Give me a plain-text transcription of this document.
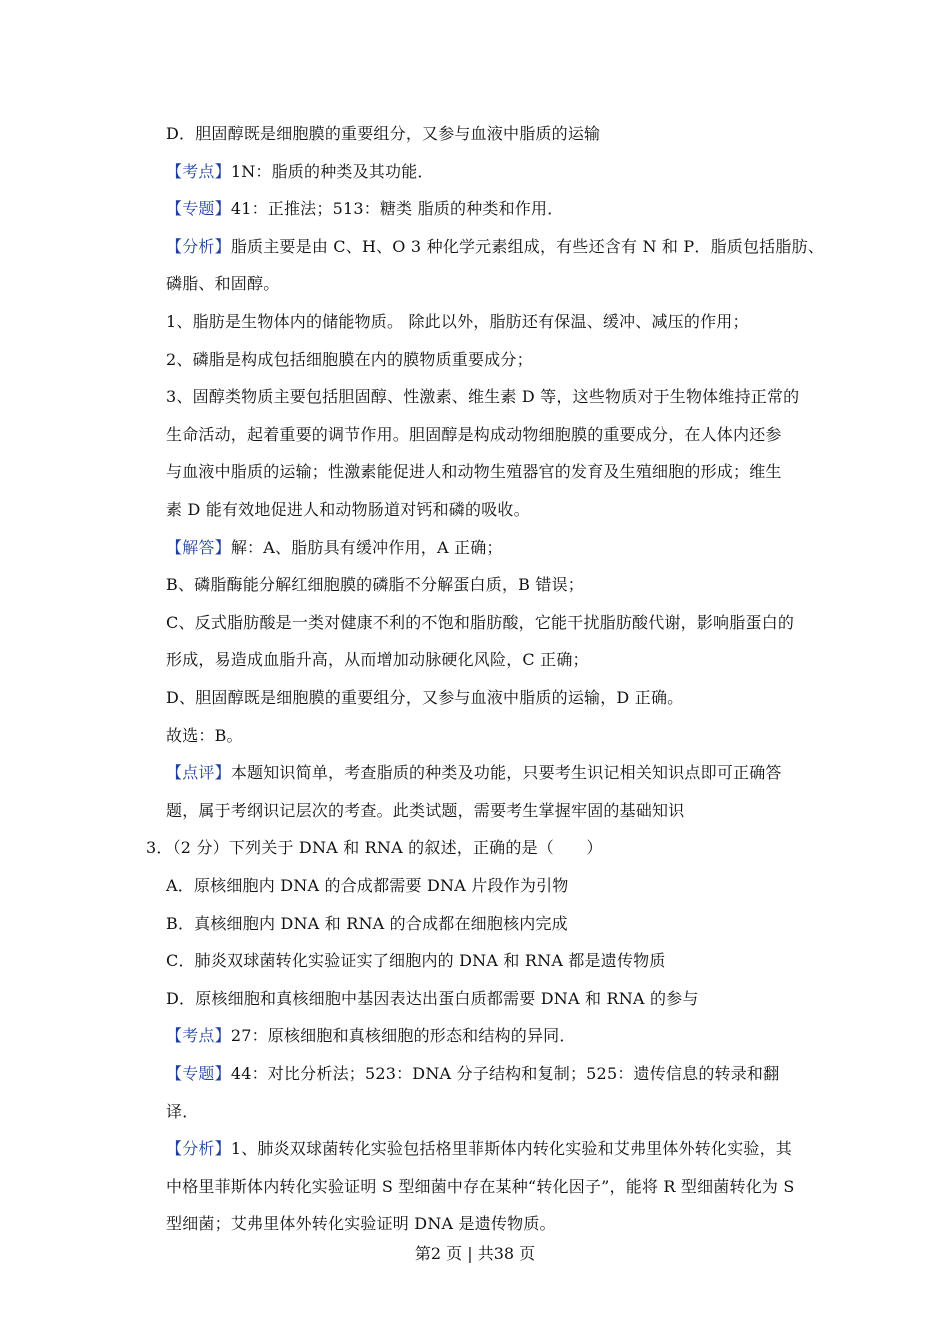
D．胆固醇既是细胞膜的重要组分，又参与血液中脂质的运输
【考点】1N：脂质的种类及其功能．
【专题】41：正推法；513：糖类 脂质的种类和作用．
【分析】脂质主要是由 C、H、O 3 种化学元素组成，有些还含有 N 和 P．脂质包括脂肪、
磷脂、和固醇。
1、脂肪是生物体内的储能物质。 除此以外，脂肪还有保温、缓冲、减压的作用；
2、磷脂是构成包括细胞膜在内的膜物质重要成分；
3、固醇类物质主要包括胆固醇、性激素、维生素 D 等，这些物质对于生物体维持正常的
生命活动，起着重要的调节作用。胆固醇是构成动物细胞膜的重要成分，在人体内还参
与血液中脂质的运输；性激素能促进人和动物生殖器官的发育及生殖细胞的形成；维生
素 D 能有效地促进人和动物肠道对钙和磷的吸收。
【解答】解：A、脂肪具有缓冲作用，A 正确；
B、磷脂酶能分解红细胞膜的磷脂不分解蛋白质，B 错误；
C、反式脂肪酸是一类对健康不利的不饱和脂肪酸，它能干扰脂肪酸代谢，影响脂蛋白的
形成，易造成血脂升高，从而增加动脉硬化风险，C 正确；
D、胆固醇既是细胞膜的重要组分，又参与血液中脂质的运输，D 正确。
故选：B。
【点评】本题知识简单，考查脂质的种类及功能，只要考生识记相关知识点即可正确答
题，属于考纲识记层次的考查。此类试题，需要考生掌握牢固的基础知识
3．（2 分）下列关于 DNA 和 RNA 的叙述，正确的是（　　）
A．原核细胞内 DNA 的合成都需要 DNA 片段作为引物
B．真核细胞内 DNA 和 RNA 的合成都在细胞核内完成
C．肺炎双球菌转化实验证实了细胞内的 DNA 和 RNA 都是遗传物质
D．原核细胞和真核细胞中基因表达出蛋白质都需要 DNA 和 RNA 的参与
【考点】27：原核细胞和真核细胞的形态和结构的异同．
【专题】44：对比分析法；523：DNA 分子结构和复制；525：遗传信息的转录和翻
译．
【分析】1、肺炎双球菌转化实验包括格里菲斯体内转化实验和艾弗里体外转化实验，其
中格里菲斯体内转化实验证明 S 型细菌中存在某种“转化因子”，能将 R 型细菌转化为 S
型细菌；艾弗里体外转化实验证明 DNA 是遗传物质。
第2 页 | 共38 页
